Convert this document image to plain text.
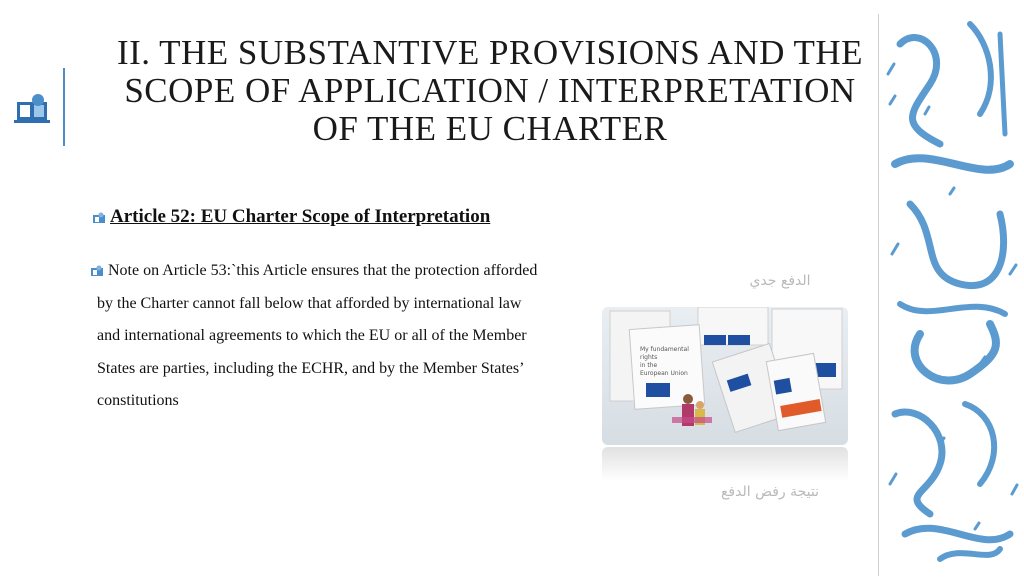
II. THE SUBSTANTIVE PROVISIONS AND THE SCOPE OF APPLICATION / INTERPRETATION OF THE EU CHARTER
Article 52: EU Charter Scope of Interpretation
Note on Article 53:`this Article ensures that the protection afforded
by the Charter cannot fall below that afforded by international law
and international agreements to which the EU or all of the Member
States are parties, including the ECHR, and by the Member States’
constitutions
الدفع جدي
نتيجة رفض الدفع
My fundamental
rights
in the
European Union
